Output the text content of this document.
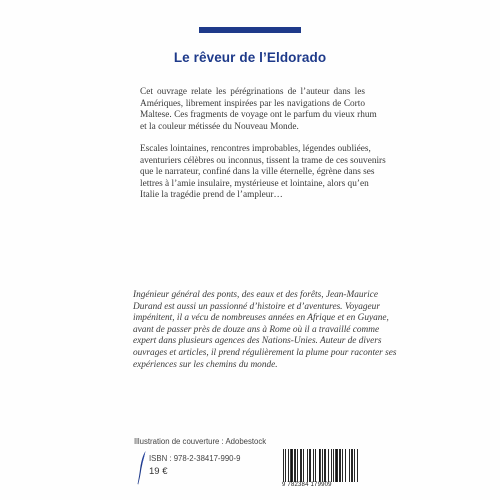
Le rêveur de l’Eldorado

Cet ouvrage relate les pérégrinations de l’auteur dans les
Amériques, librement inspirées par les navigations de Corto
Maltese. Ces fragments de voyage ont le parfum du vieux rhum
et la couleur métissée du Nouveau Monde.

Escales lointaines, rencontres improbables, légendes oubliées,
aventuriers célèbres ou inconnus, tissent la trame de ces souvenirs
que le narrateur, confiné dans la ville éternelle, égrène dans ses
lettres à l’amie insulaire, mystérieuse et lointaine, alors qu’en
Italie la tragédie prend de l’ampleur…

Ingénieur général des ponts, des eaux et des forêts, Jean-Maurice
Durand est aussi un passionné d’histoire et d’aventures. Voyageur
impénitent, il a vécu de nombreuses années en Afrique et en Guyane,
avant de passer près de douze ans à Rome où il a travaillé comme
expert dans plusieurs agences des Nations-Unies. Auteur de divers
ouvrages et articles, il prend régulièrement la plume pour raconter ses
expériences sur les chemins du monde.

Illustration de couverture : Adobestock
ISBN : 978-2-38417-990-9
19 €
9 782384 179909
